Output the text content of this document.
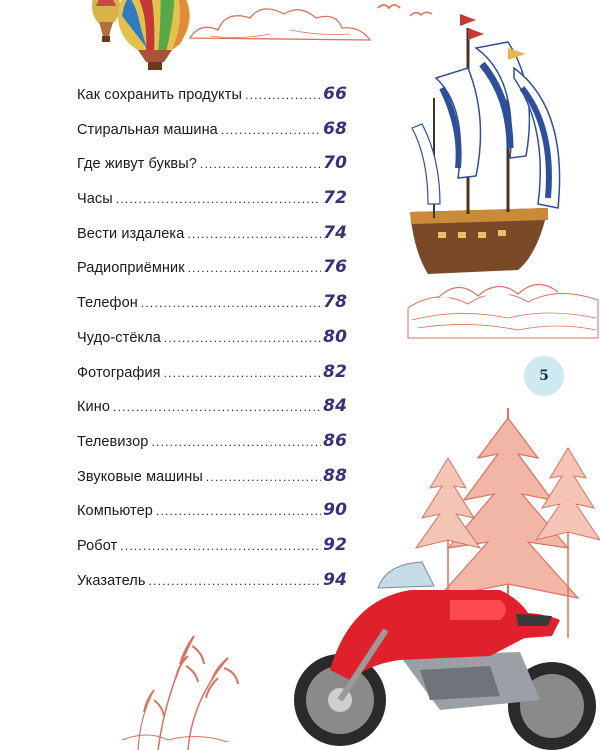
Как сохранить продукты .....	66
Стиральная машина .....	68
Где живут буквы? .....	70
Часы .....	72
Вести издалека .....	74
Радиоприёмник .....	76
Телефон .....	78
Чудо-стёкла .....	80
Фотография .....	82
Кино .....	84
Телевизор .....	86
Звуковые машины .....	88
Компьютер .....	90
Робот .....	92
Указатель .....	94
5
